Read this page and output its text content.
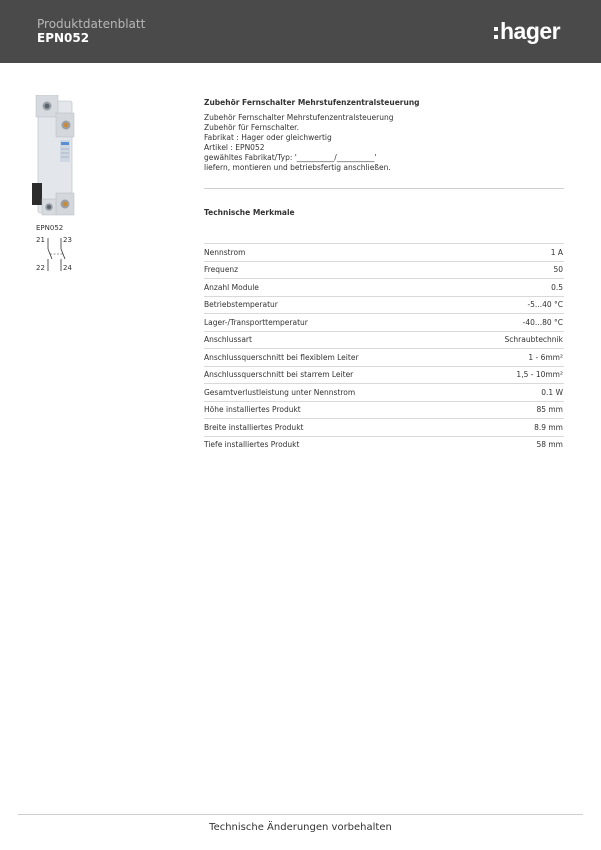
Produktdatenblatt
EPN052	hager
EPN052
21	23
22	24
Zubehör Fernschalter Mehrstufenzentralsteuerung
Zubehör Fernschalter Mehrstufenzentralsteuerung
Zubehör für Fernschalter.
Fabrikat : Hager oder gleichwertig
Artikel : EPN052
gewähltes Fabrikat/Typ: '__________/__________'
liefern, montieren und betriebsfertig anschließen.
Technische Merkmale
Nennstrom	1 A
Frequenz	50
Anzahl Module	0.5
Betriebstemperatur	-5...40 °C
Lager-/Transporttemperatur	-40...80 °C
Anschlussart	Schraubtechnik
Anschlussquerschnitt bei flexiblem Leiter	1 - 6mm²
Anschlussquerschnitt bei starrem Leiter	1,5 - 10mm²
Gesamtverlustleistung unter Nennstrom	0.1 W
Höhe installiertes Produkt	85 mm
Breite installiertes Produkt	8.9 mm
Tiefe installiertes Produkt	58 mm
Technische Änderungen vorbehalten
